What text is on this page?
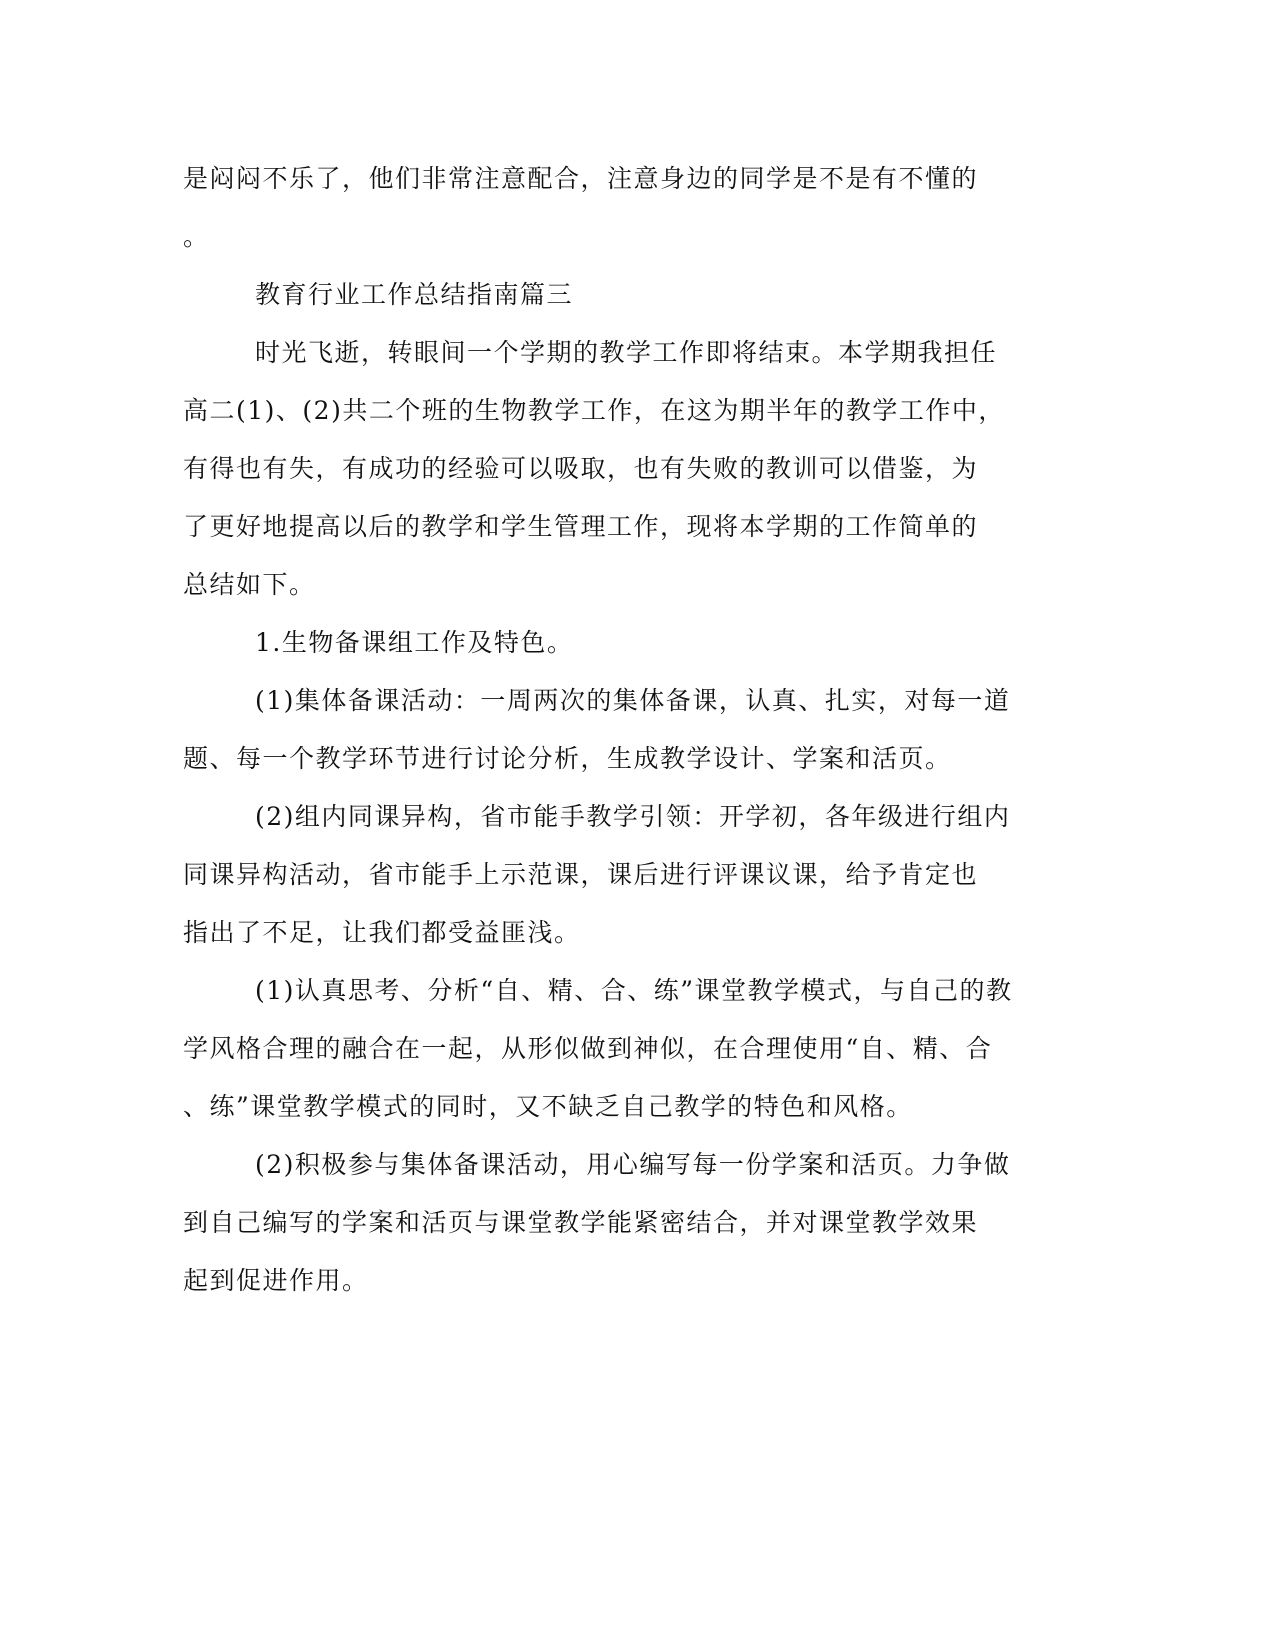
是闷闷不乐了，他们非常注意配合，注意身边的同学是不是有不懂的
。
教育行业工作总结指南篇三
时光飞逝，转眼间一个学期的教学工作即将结束。本学期我担任
高二(1)、(2)共二个班的生物教学工作，在这为期半年的教学工作中，
有得也有失，有成功的经验可以吸取，也有失败的教训可以借鉴，为
了更好地提高以后的教学和学生管理工作，现将本学期的工作简单的
总结如下。
1.生物备课组工作及特色。
(1)集体备课活动：一周两次的集体备课，认真、扎实，对每一道
题、每一个教学环节进行讨论分析，生成教学设计、学案和活页。
(2)组内同课异构，省市能手教学引领：开学初，各年级进行组内
同课异构活动，省市能手上示范课，课后进行评课议课，给予肯定也
指出了不足，让我们都受益匪浅。
(1)认真思考、分析“自、精、合、练”课堂教学模式，与自己的教
学风格合理的融合在一起，从形似做到神似，在合理使用“自、精、合
、练”课堂教学模式的同时，又不缺乏自己教学的特色和风格。
(2)积极参与集体备课活动，用心编写每一份学案和活页。力争做
到自己编写的学案和活页与课堂教学能紧密结合，并对课堂教学效果
起到促进作用。
